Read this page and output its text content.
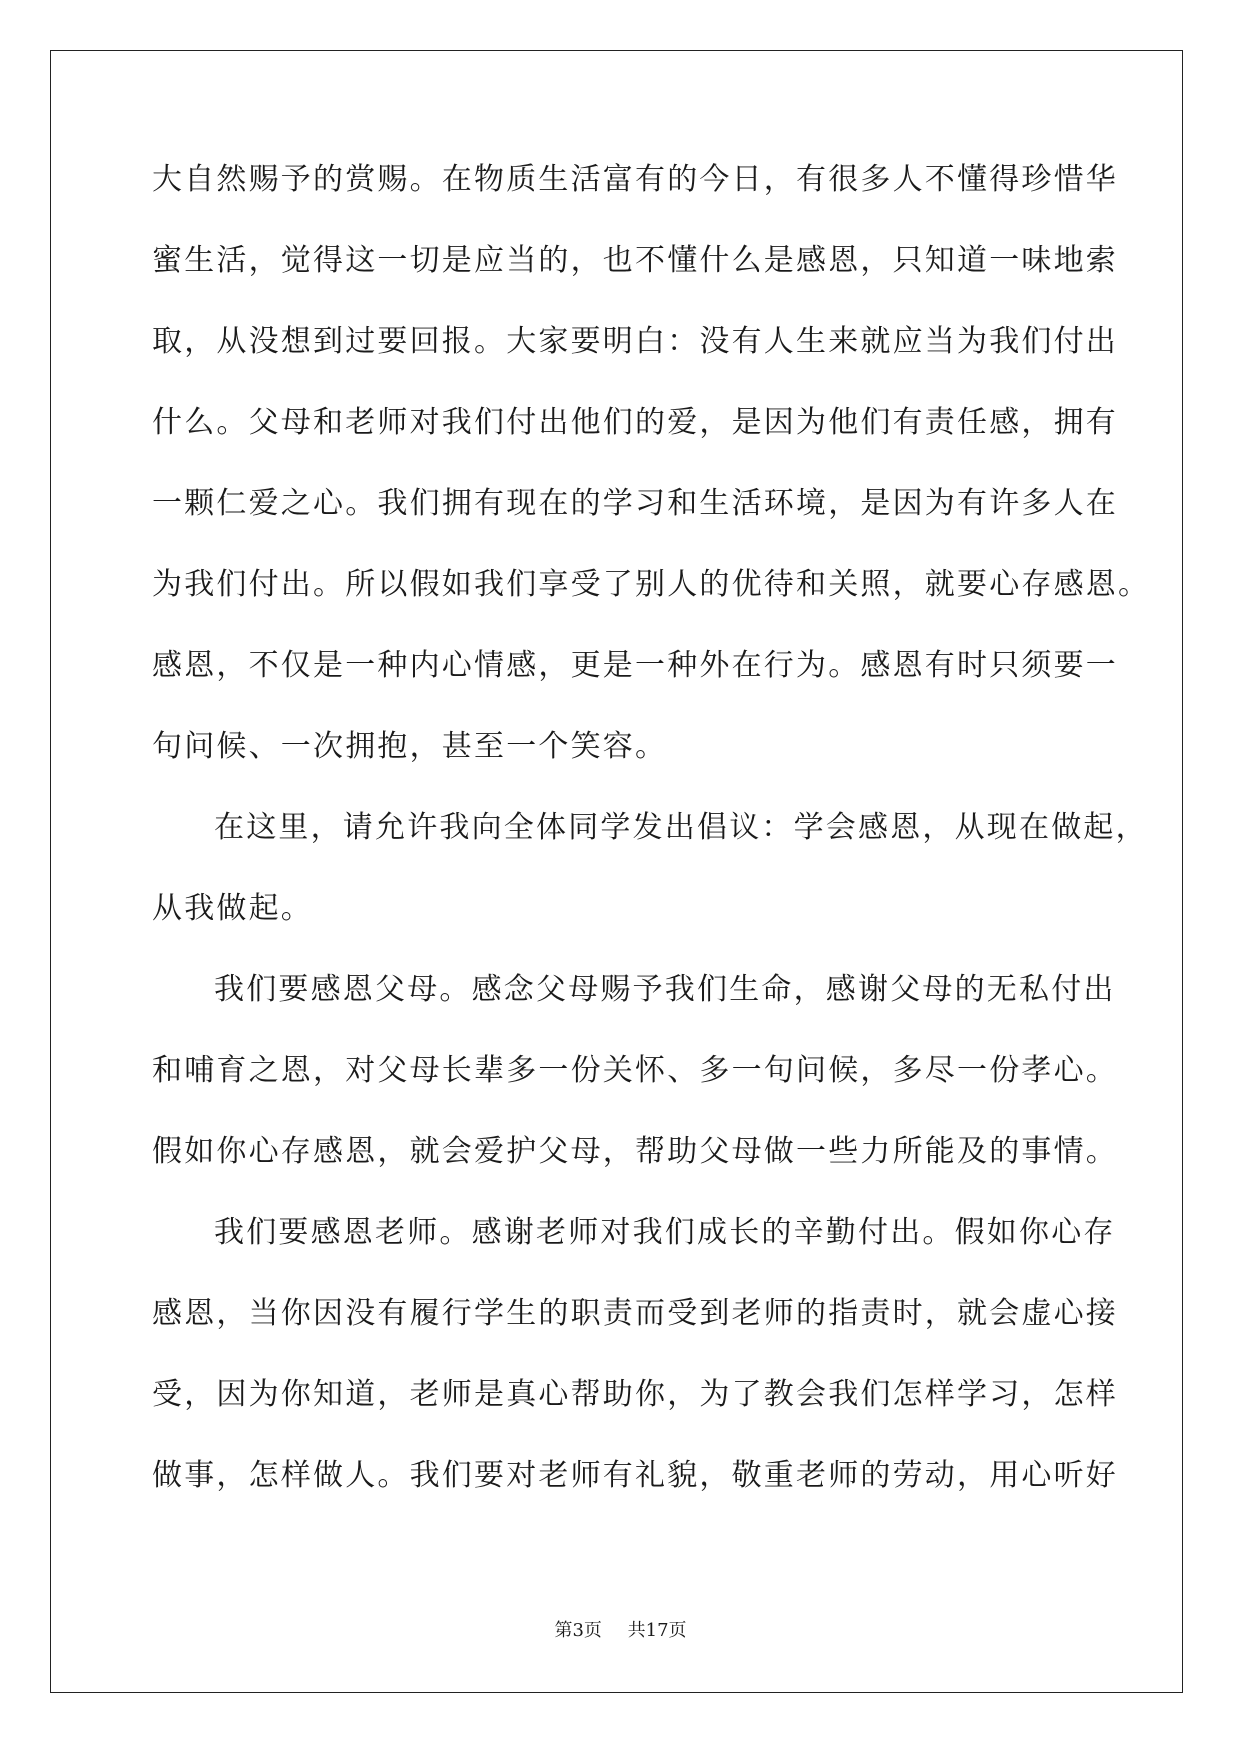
大自然赐予的赏赐。在物质生活富有的今日，有很多人不懂得珍惜华
蜜生活，觉得这一切是应当的，也不懂什么是感恩，只知道一味地索
取，从没想到过要回报。大家要明白：没有人生来就应当为我们付出
什么。父母和老师对我们付出他们的爱，是因为他们有责任感，拥有
一颗仁爱之心。我们拥有现在的学习和生活环境，是因为有许多人在
为我们付出。所以假如我们享受了别人的优待和关照，就要心存感恩。
感恩，不仅是一种内心情感，更是一种外在行为。感恩有时只须要一
句问候、一次拥抱，甚至一个笑容。
在这里，请允许我向全体同学发出倡议：学会感恩，从现在做起，
从我做起。
我们要感恩父母。感念父母赐予我们生命，感谢父母的无私付出
和哺育之恩，对父母长辈多一份关怀、多一句问候，多尽一份孝心。
假如你心存感恩，就会爱护父母，帮助父母做一些力所能及的事情。
我们要感恩老师。感谢老师对我们成长的辛勤付出。假如你心存
感恩，当你因没有履行学生的职责而受到老师的指责时，就会虚心接
受，因为你知道，老师是真心帮助你，为了教会我们怎样学习，怎样
做事，怎样做人。我们要对老师有礼貌，敬重老师的劳动，用心听好
第3页 共17页
